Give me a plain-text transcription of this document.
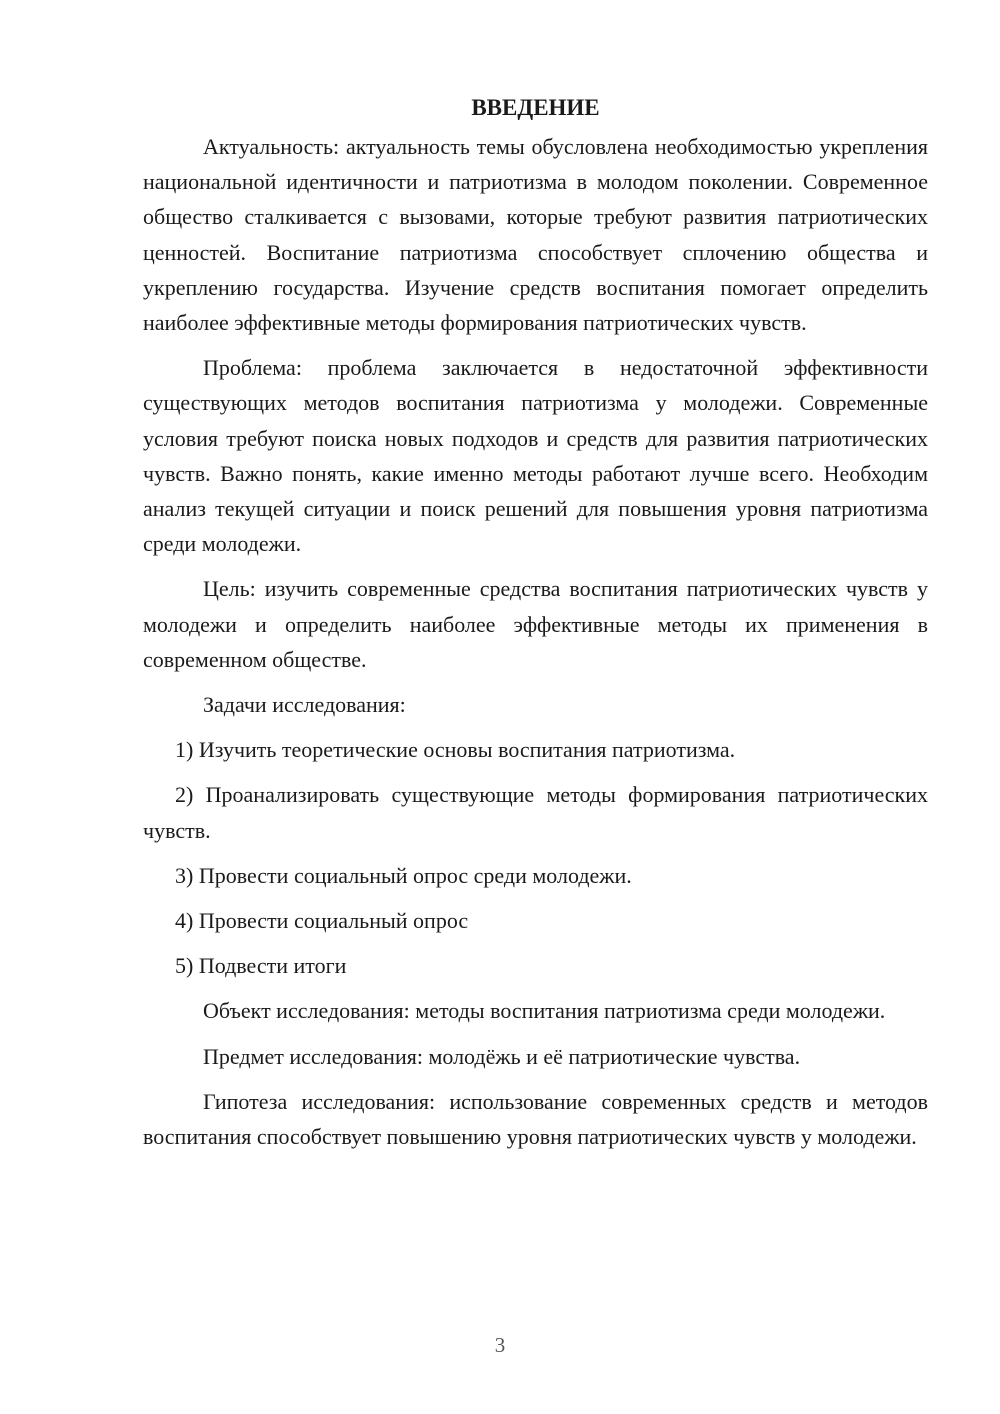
ВВЕДЕНИЕ

Актуальность: актуальность темы обусловлена необходимостью укрепления национальной идентичности и патриотизма в молодом поколении. Современное общество сталкивается с вызовами, которые требуют развития патриотических ценностей. Воспитание патриотизма способствует сплочению общества и укреплению государства. Изучение средств воспитания помогает определить наиболее эффективные методы формирования патриотических чувств.

Проблема: проблема заключается в недостаточной эффективности существующих методов воспитания патриотизма у молодежи. Современные условия требуют поиска новых подходов и средств для развития патриотических чувств. Важно понять, какие именно методы работают лучше всего. Необходим анализ текущей ситуации и поиск решений для повышения уровня патриотизма среди молодежи.

Цель: изучить современные средства воспитания патриотических чувств у молодежи и определить наиболее эффективные методы их применения в современном обществе.

Задачи исследования:

1) Изучить теоретические основы воспитания патриотизма.

2) Проанализировать существующие методы формирования патриотических чувств.

3) Провести социальный опрос среди молодежи.

4) Провести социальный опрос

5) Подвести итоги

Объект исследования: методы воспитания патриотизма среди молодежи.

Предмет исследования: молодёжь и её патриотические чувства.

Гипотеза исследования: использование современных средств и методов воспитания способствует повышению уровня патриотических чувств у молодежи.

3
